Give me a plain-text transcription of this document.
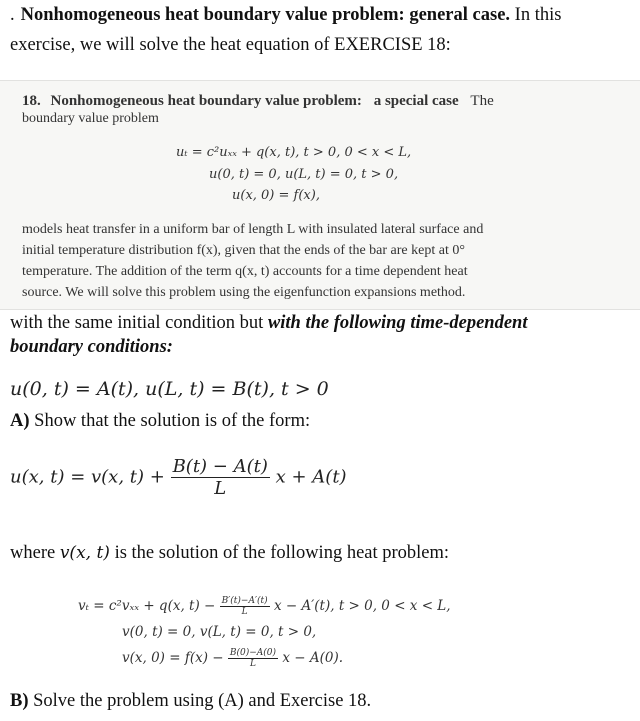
. Nonhomogeneous heat boundary value problem: general case. In this
exercise, we will solve the heat equation of EXERCISE 18:
18. Nonhomogeneous heat boundary value problem: a special case The
boundary value problem
uₜ = c²uₓₓ + q(x, t), t > 0, 0 < x < L,
u(0, t) = 0, u(L, t) = 0, t > 0,
u(x, 0) = f(x),
models heat transfer in a uniform bar of length L with insulated lateral surface and
initial temperature distribution f(x), given that the ends of the bar are kept at 0°
temperature. The addition of the term q(x, t) accounts for a time dependent heat
source. We will solve this problem using the eigenfunction expansions method.
with the same initial condition but with the following time-dependent
boundary conditions:
u(0, t) = A(t), u(L, t) = B(t), t > 0
A) Show that the solution is of the form:
u(x, t) = v(x, $t) + \frac{B(t) - A(t)}{L}$ x + A(t)
where v(x, t) is the solution of the following heat problem:
vₜ = c²vₓₓ + q(x, $t) - \frac{B'(t)-A'(t)}{L}$ x − A′(t), t > 0, 0 < x < L,
v(0, t) = 0, v(L, t) = 0, t > 0,
v(x, $0) = f(x) - \frac{B(0)-A(0)}{L}$ x − A(0).
B) Solve the problem using (A) and Exercise 18.
